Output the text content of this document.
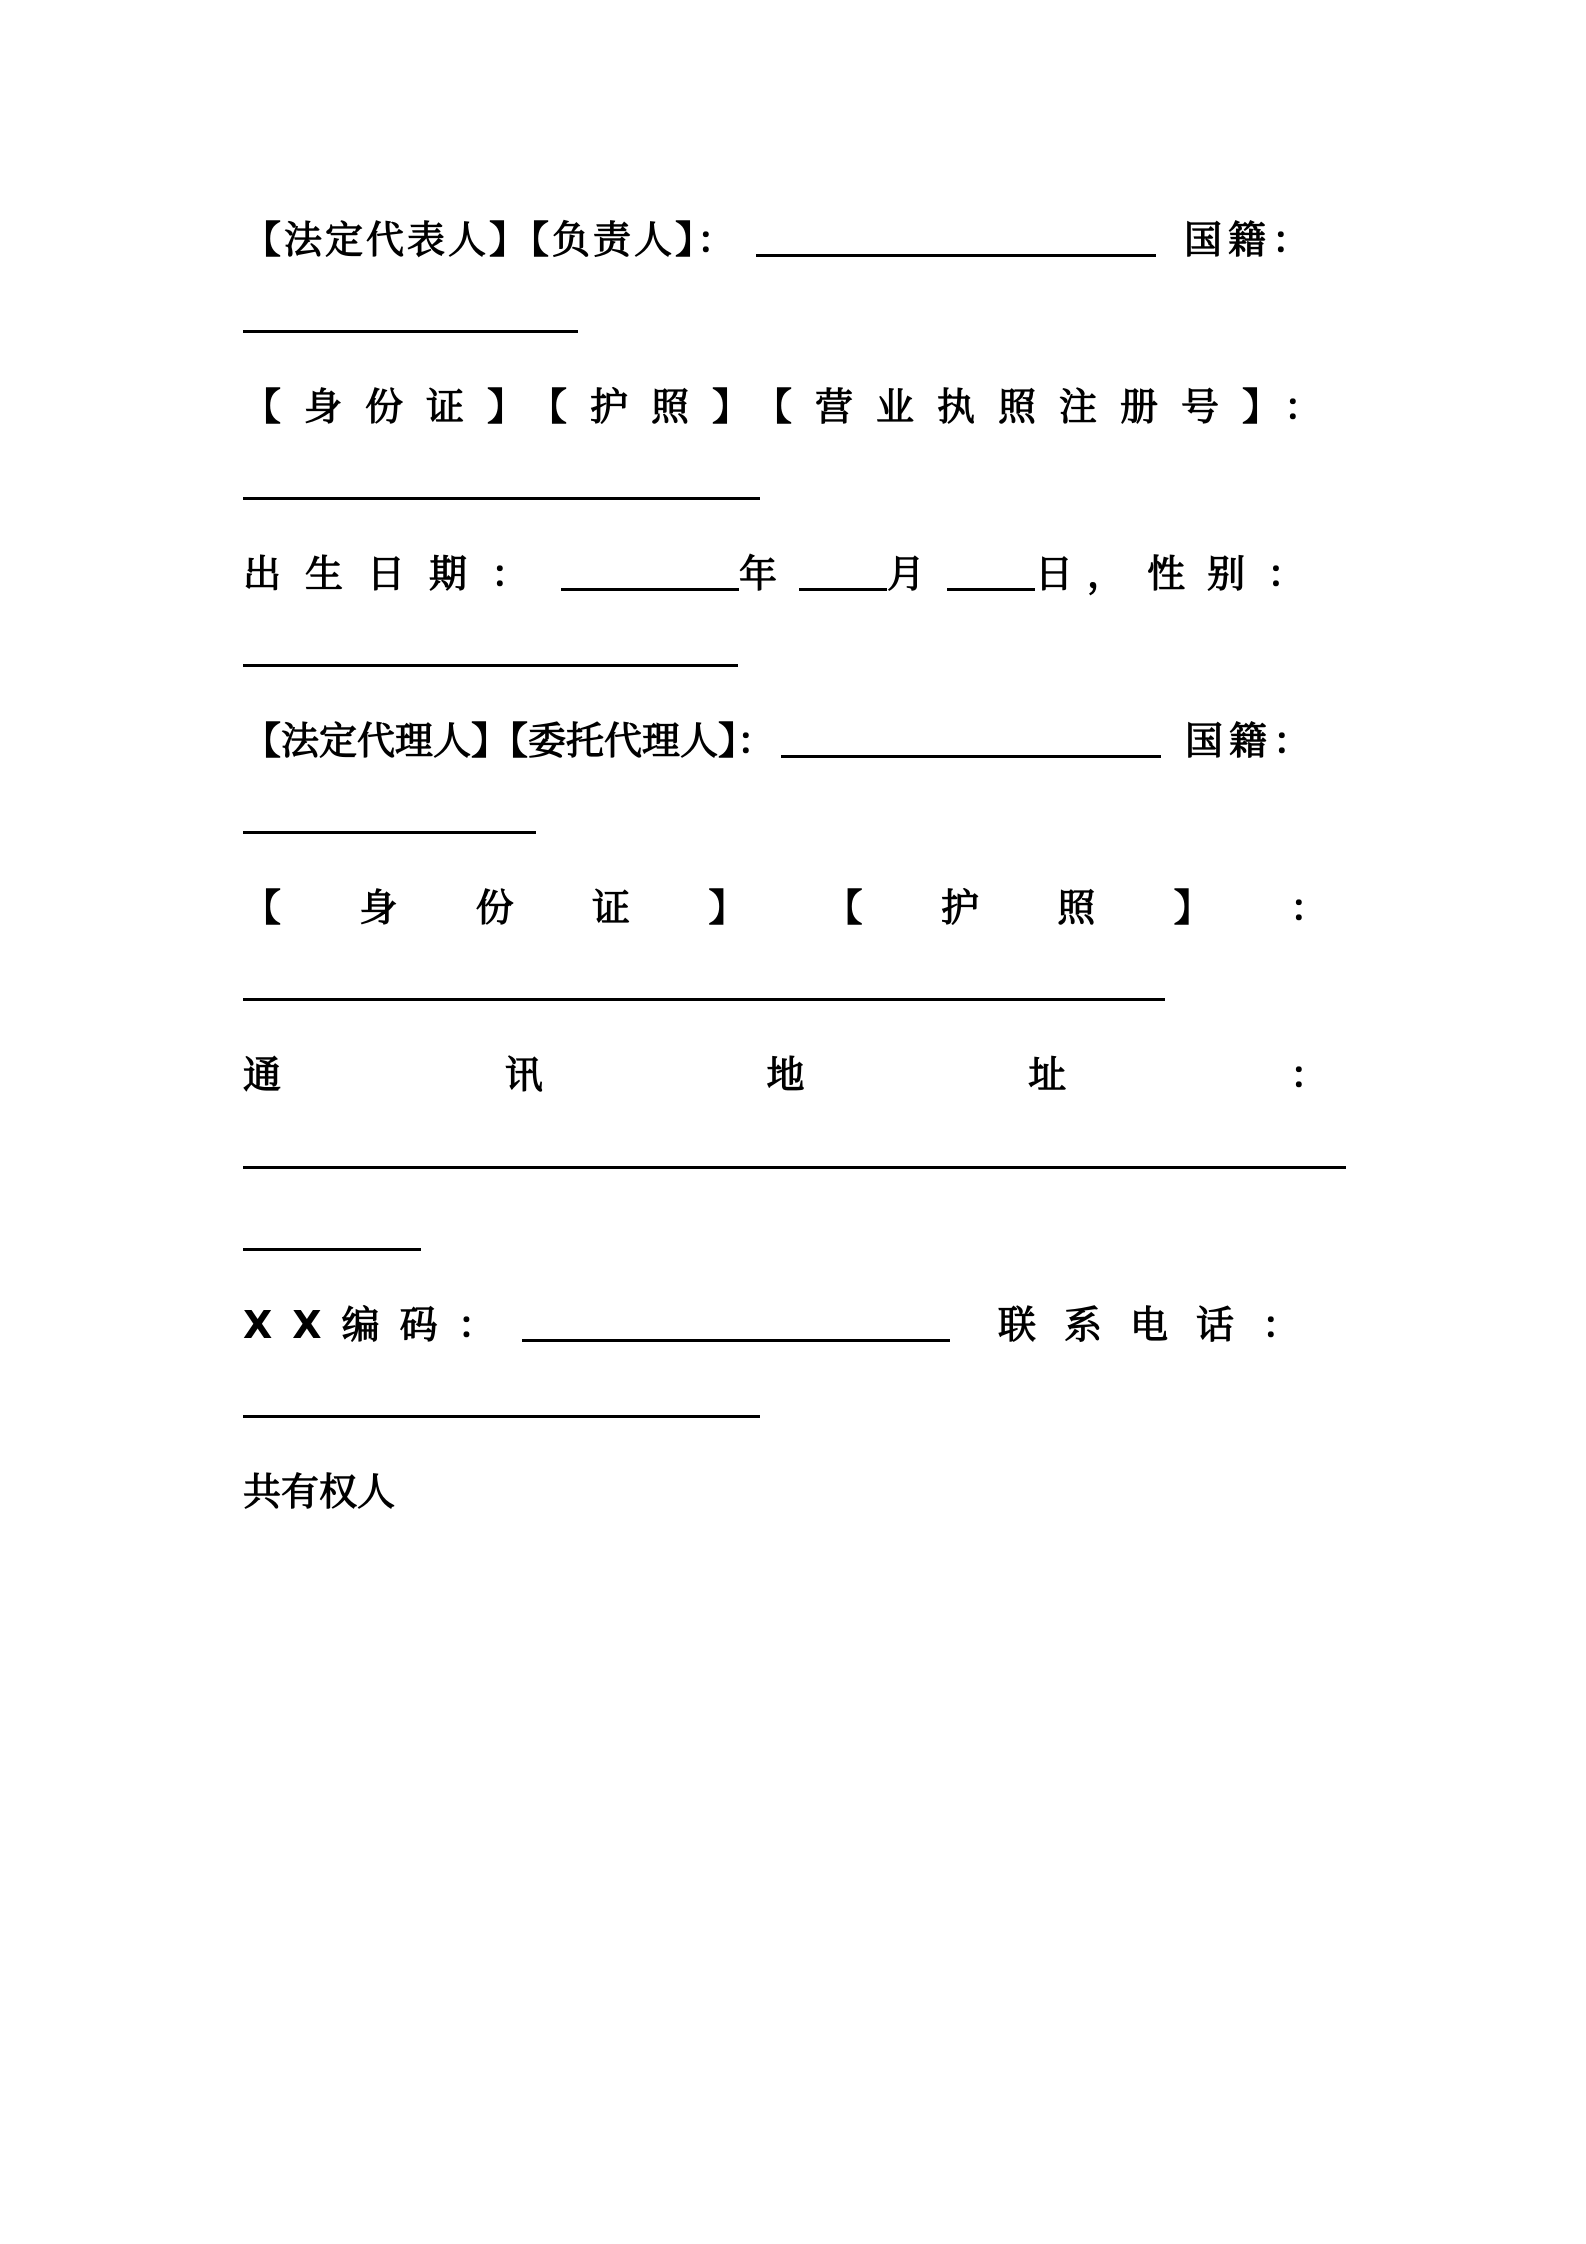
【法定代表人】【负责人】：	国籍：
【身份证】【护照】【营业执照注册号】：
出生日期：	年	月	日， 性别：
【法定代理人】【委托代理人】：	国籍：
【 身 份 证 】 【 护 照 】 ：
通	讯	地	址	：
XX编码：	联系电话：
共有权人
